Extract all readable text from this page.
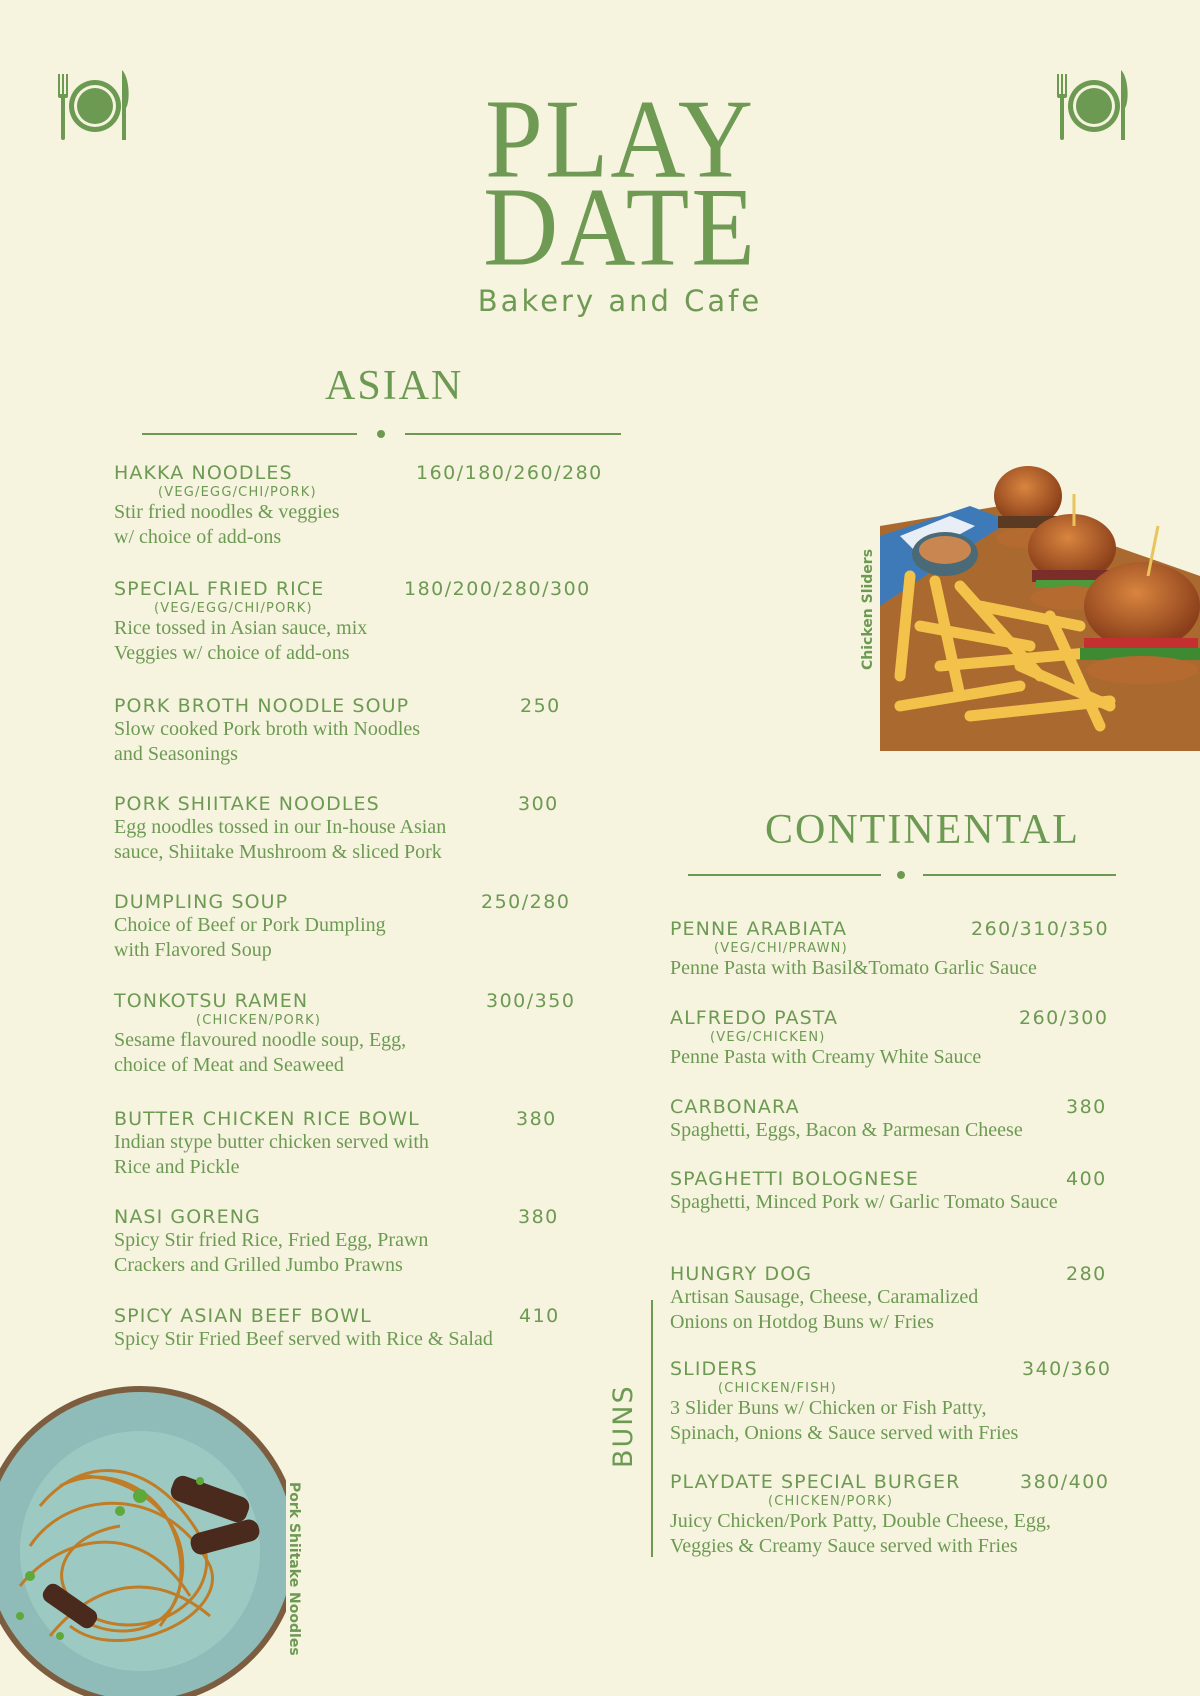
PLAY
DATE
Bakery and Cafe
ASIAN
HAKKA NOODLES	160/180/260/280
(VEG/EGG/CHI/PORK)
Stir fried noodles & veggies
w/ choice of add-ons
SPECIAL FRIED RICE	180/200/280/300
(VEG/EGG/CHI/PORK)
Rice tossed in Asian sauce, mix
Veggies w/ choice of add-ons
PORK BROTH NOODLE SOUP	250
Slow cooked Pork broth with Noodles
and Seasonings
PORK SHIITAKE NOODLES	300
Egg noodles tossed in our In-house Asian
sauce, Shiitake Mushroom & sliced Pork
DUMPLING SOUP	250/280
Choice of Beef or Pork Dumpling
with Flavored Soup
TONKOTSU RAMEN	300/350
(CHICKEN/PORK)
Sesame flavoured noodle soup, Egg,
choice of Meat and Seaweed
BUTTER CHICKEN RICE BOWL	380
Indian stype butter chicken served with
Rice and Pickle
NASI GORENG	380
Spicy Stir fried Rice, Fried Egg, Prawn
Crackers and Grilled Jumbo Prawns
SPICY ASIAN BEEF BOWL	410
Spicy Stir Fried Beef served with Rice & Salad
Chicken Sliders
CONTINENTAL
PENNE ARABIATA	260/310/350
(VEG/CHI/PRAWN)
Penne Pasta with Basil&Tomato Garlic Sauce
ALFREDO PASTA	260/300
(VEG/CHICKEN)
Penne Pasta with Creamy White Sauce
CARBONARA	380
Spaghetti, Eggs, Bacon & Parmesan Cheese
SPAGHETTI BOLOGNESE	400
Spaghetti, Minced Pork w/ Garlic Tomato Sauce
BUNS
HUNGRY DOG	280
Artisan Sausage, Cheese, Caramalized
Onions on Hotdog Buns w/ Fries
SLIDERS	340/360
(CHICKEN/FISH)
3 Slider Buns w/ Chicken or Fish Patty,
Spinach, Onions & Sauce served with Fries
PLAYDATE SPECIAL BURGER	380/400
(CHICKEN/PORK)
Juicy Chicken/Pork Patty, Double Cheese, Egg,
Veggies & Creamy Sauce served with Fries
Pork Shiitake Noodles
